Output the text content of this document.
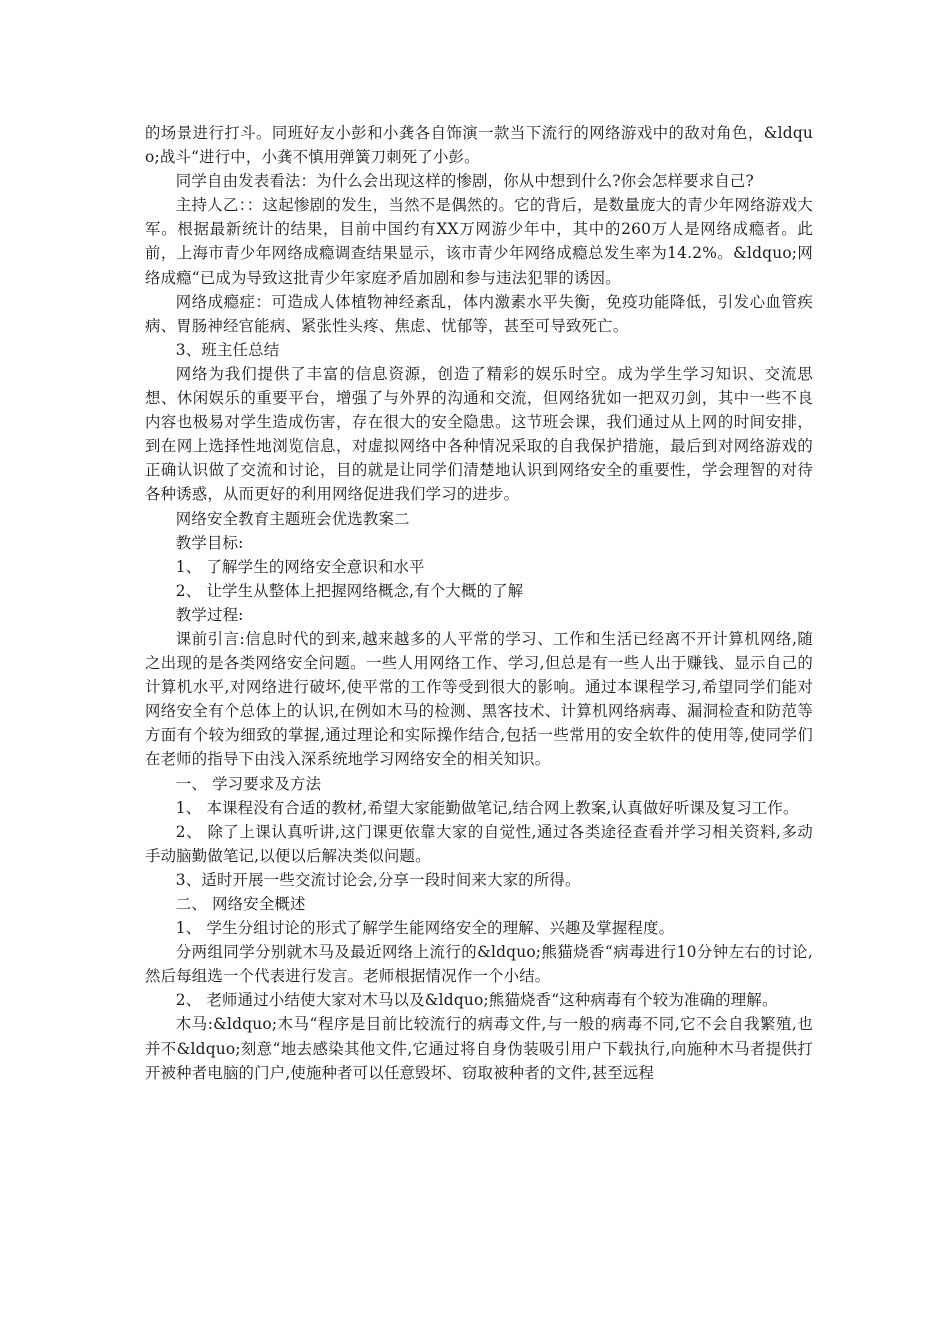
的场景进行打斗。同班好友小彭和小龚各自饰演一款当下流行的网络游戏中的敌对角色，&ldquo;战斗“进行中，小龚不慎用弹簧刀刺死了小彭。

同学自由发表看法：为什么会出现这样的惨剧，你从中想到什么?你会怎样要求自己?

主持人乙：：这起惨剧的发生，当然不是偶然的。它的背后，是数量庞大的青少年网络游戏大军。根据最新统计的结果，目前中国约有XX万网游少年中，其中的260万人是网络成瘾者。此前，上海市青少年网络成瘾调查结果显示，该市青少年网络成瘾总发生率为14.2%。&ldquo;网络成瘾“已成为导致这批青少年家庭矛盾加剧和参与违法犯罪的诱因。

网络成瘾症：可造成人体植物神经紊乱，体内激素水平失衡，免疫功能降低，引发心血管疾病、胃肠神经官能病、紧张性头疼、焦虑、忧郁等，甚至可导致死亡。

3、班主任总结

网络为我们提供了丰富的信息资源，创造了精彩的娱乐时空。成为学生学习知识、交流思想、休闲娱乐的重要平台，增强了与外界的沟通和交流，但网络犹如一把双刃剑，其中一些不良内容也极易对学生造成伤害，存在很大的安全隐患。这节班会课，我们通过从上网的时间安排，到在网上选择性地浏览信息，对虚拟网络中各种情况采取的自我保护措施，最后到对网络游戏的正确认识做了交流和讨论，目的就是让同学们清楚地认识到网络安全的重要性，学会理智的对待各种诱惑，从而更好的利用网络促进我们学习的进步。

网络安全教育主题班会优选教案二

教学目标:

1、 了解学生的网络安全意识和水平

2、 让学生从整体上把握网络概念,有个大概的了解

教学过程:

课前引言:信息时代的到来,越来越多的人平常的学习、工作和生活已经离不开计算机网络,随之出现的是各类网络安全问题。一些人用网络工作、学习,但总是有一些人出于赚钱、显示自己的计算机水平,对网络进行破坏,使平常的工作等受到很大的影响。通过本课程学习,希望同学们能对网络安全有个总体上的认识,在例如木马的检测、黑客技术、计算机网络病毒、漏洞检查和防范等方面有个较为细致的掌握,通过理论和实际操作结合,包括一些常用的安全软件的使用等,使同学们在老师的指导下由浅入深系统地学习网络安全的相关知识。

一、 学习要求及方法

1、 本课程没有合适的教材,希望大家能勤做笔记,结合网上教案,认真做好听课及复习工作。

2、 除了上课认真听讲,这门课更依靠大家的自觉性,通过各类途径查看并学习相关资料,多动手动脑勤做笔记,以便以后解决类似问题。

3、适时开展一些交流讨论会,分享一段时间来大家的所得。

二、 网络安全概述

1、 学生分组讨论的形式了解学生能网络安全的理解、兴趣及掌握程度。

分两组同学分别就木马及最近网络上流行的&ldquo;熊猫烧香“病毒进行10分钟左右的讨论,然后每组选一个代表进行发言。老师根据情况作一个小结。

2、 老师通过小结使大家对木马以及&ldquo;熊猫烧香“这种病毒有个较为准确的理解。

木马:&ldquo;木马“程序是目前比较流行的病毒文件,与一般的病毒不同,它不会自我繁殖,也并不&ldquo;刻意“地去感染其他文件,它通过将自身伪装吸引用户下载执行,向施种木马者提供打开被种者电脑的门户,使施种者可以任意毁坏、窃取被种者的文件,甚至远程
